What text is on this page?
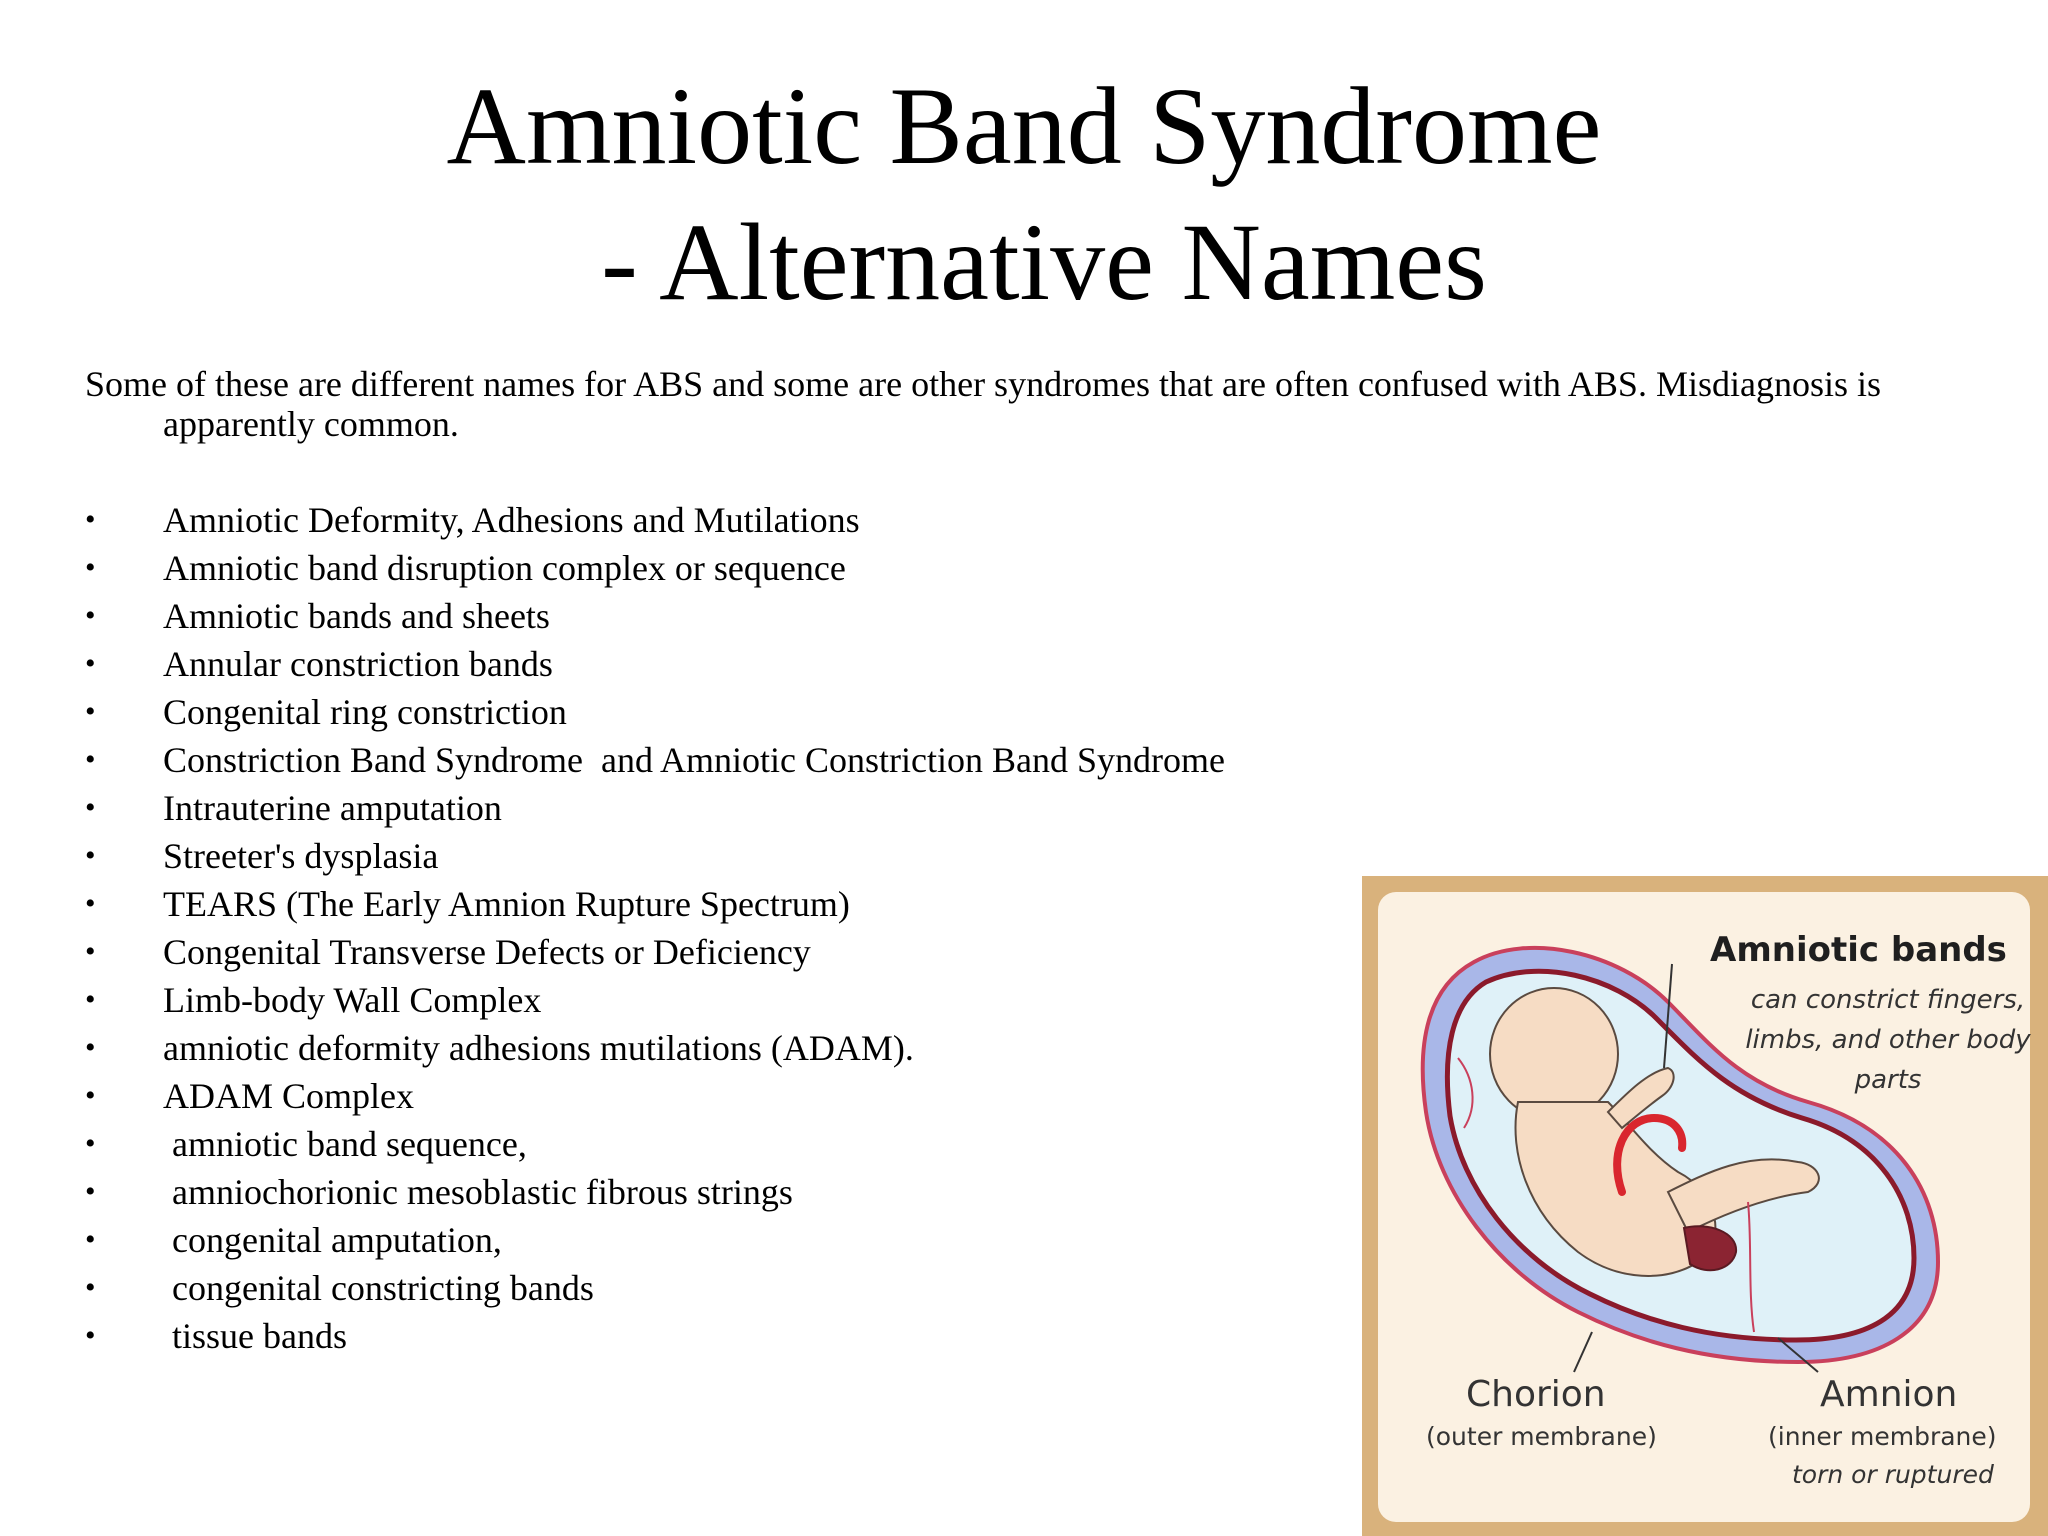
Amniotic Band Syndrome
- Alternative Names

Some of these are different names for ABS and some are other syndromes that are often confused with ABS. Misdiagnosis is apparently common.

•	Amniotic Deformity, Adhesions and Mutilations
•	Amniotic band disruption complex or sequence
•	Amniotic bands and sheets
•	Annular constriction bands
•	Congenital ring constriction
•	Constriction Band Syndrome  and Amniotic Constriction Band Syndrome
•	Intrauterine amputation
•	Streeter's dysplasia
•	TEARS (The Early Amnion Rupture Spectrum)
•	Congenital Transverse Defects or Deficiency
•	Limb-body Wall Complex
•	amniotic deformity adhesions mutilations (ADAM).
•	ADAM Complex
•	amniotic band sequence,
•	amniochorionic mesoblastic fibrous strings
•	congenital amputation,
•	congenital constricting bands
•	tissue bands
Amniotic bands
can constrict fingers, limbs, and other body parts
Chorion
(outer membrane)
Amnion
(inner membrane)
torn or ruptured
